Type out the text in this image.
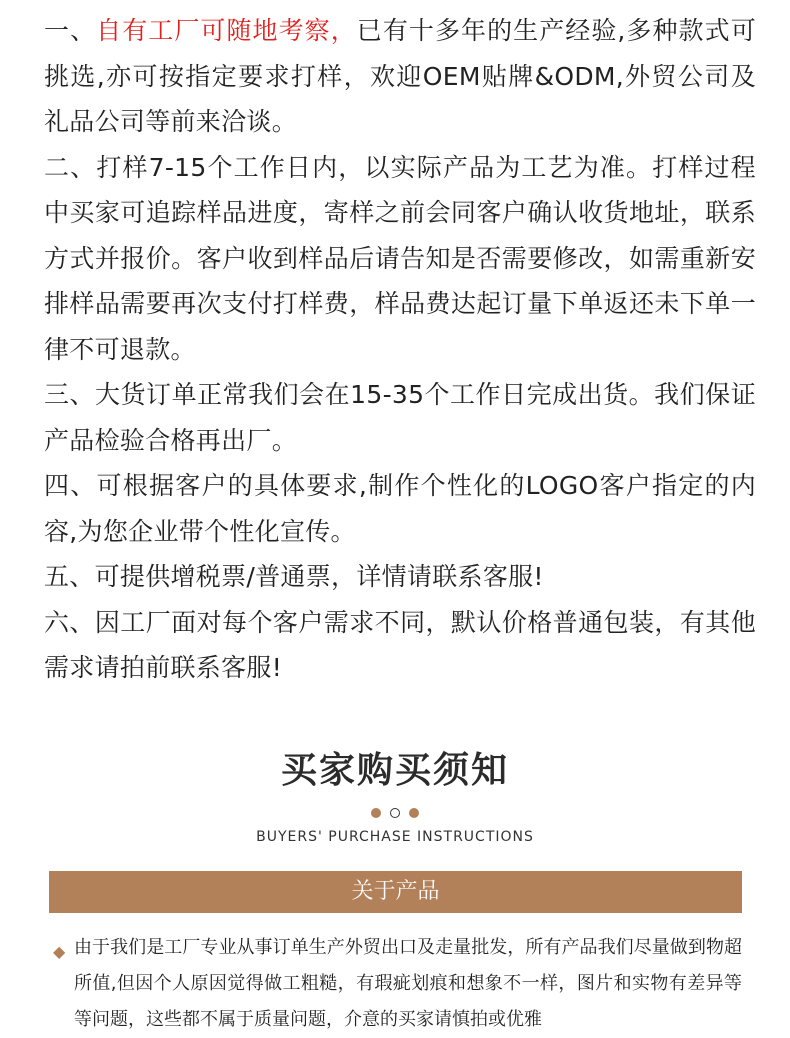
一、自有工厂可随地考察，已有十多年的生产经验,多种款式可挑选,亦可按指定要求打样，欢迎OEM贴牌&ODM,外贸公司及礼品公司等前来洽谈。

二、打样7-15个工作日内，以实际产品为工艺为准。打样过程中买家可追踪样品进度，寄样之前会同客户确认收货地址，联系方式并报价。客户收到样品后请告知是否需要修改，如需重新安排样品需要再次支付打样费，样品费达起订量下单返还未下单一律不可退款。

三、大货订单正常我们会在15-35个工作日完成出货。我们保证产品检验合格再出厂。

四、可根据客户的具体要求,制作个性化的LOGO客户指定的内容,为您企业带个性化宣传。

五、可提供增税票/普通票，详情请联系客服!

六、因工厂面对每个客户需求不同，默认价格普通包装，有其他需求请拍前联系客服!

买家购买须知
BUYERS' PURCHASE INSTRUCTIONS
关于产品
◆ 由于我们是工厂专业从事订单生产外贸出口及走量批发，所有产品我们尽量做到物超所值,但因个人原因觉得做工粗糙，有瑕疵划痕和想象不一样，图片和实物有差异等等问题，这些都不属于质量问题，介意的买家请慎拍或优雅
